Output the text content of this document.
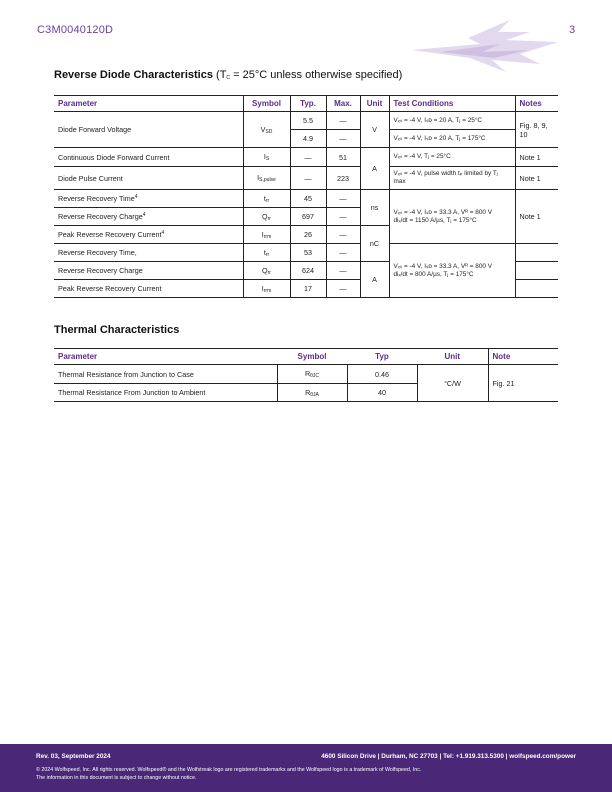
C3M0040120D	3
Reverse Diode Characteristics ($T_C = 25^\circ C$ unless otherwise specified)
Parameter	Symbol	Typ.	Max.	Unit	Test Conditions	Notes
Diode Forward Voltage	$V_{SD}$	5.5	—	V	Vₓₛ = -4 V, Iₛᴅ = 20 A, Tⱼ = 25°C	Fig. 8, 9, 10
		4.9	—		Vₓₛ = -4 V, Iₛᴅ = 20 A, Tⱼ = 175°C	
Continuous Diode Forward Current	$I_S$	—	51	A	Vₓₛ = -4 V, Tⱼ = 25°C	Note 1
Diode Pulse Current	$I_{S,pulse}$	—	223		Vₓₛ = -4 V, pulse width tₚ limited by Tⱼ max	Note 1
Reverse Recovery Time$^4$	$t_{rr}$	45	—	ns	Vₓₛ = -4 V, Iₛᴅ = 33.3 A, Vᴿ = 800 V
diₓ/dt = 1150 A/µs, Tⱼ = 175°C	Note 1
Reverse Recovery Charge$^4$	$Q_{rr}$	697	—			
Peak Reverse Recovery Current$^4$	$I_{rrm}$	26	—	nC		
Reverse Recovery Time,	$t_{rr}$	53	—		Vₓₛ = -4 V, Iₛᴅ = 33.3 A, Vᴿ = 800 V
diₓ/dt = 800 A/µs, Tⱼ = 175°C	

Reverse Recovery Charge	$Q_{rr}$	624	—	A		
Peak Reverse Recovery Current	$I_{rrm}$	17	—			
Thermal Characteristics
Parameter	Symbol	Typ	Unit	Note
Thermal Resistance from Junction to Case	$R_{\theta JC}$	0.46	°C/W	Fig. 21
Thermal Resistance From Junction to Ambient	$R_{\theta JA}$	40		
Rev. 03, September 2024	4600 Silicon Drive | Durham, NC 27703 | Tel: +1.919.313.5300 | wolfspeed.com/power
© 2024 Wolfspeed, Inc. All rights reserved. Wolfspeed® and the Wolfstreak logo are registered trademarks and the Wolfspeed logo is a trademark of Wolfspeed, Inc.
The information in this document is subject to change without notice.
